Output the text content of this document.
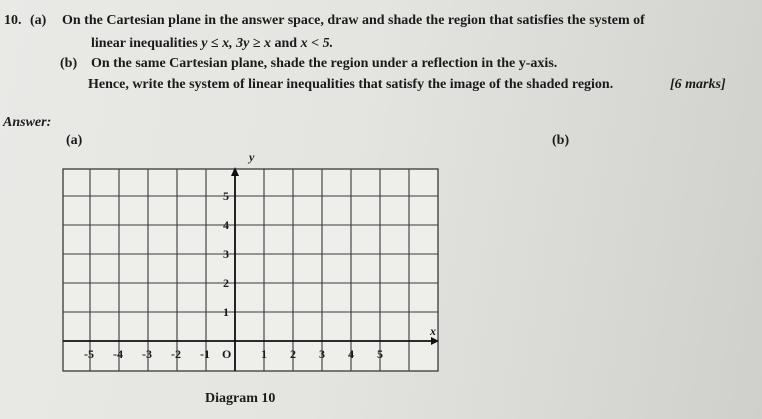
10. (a) On the Cartesian plane in the answer space, draw and shade the region that satisfies the system of
linear inequalities y ≤ x, 3y ≥ x and x < 5.
(b) On the same Cartesian plane, shade the region under a reflection in the y-axis.
Hence, write the system of linear inequalities that satisfy the image of the shaded region.	[6 marks]
Answer:
(a)	(b)
x
y
-5 -4 -3 -2 -1	1 2 3 4 5
1
2
3
4
5
O
Diagram 10
